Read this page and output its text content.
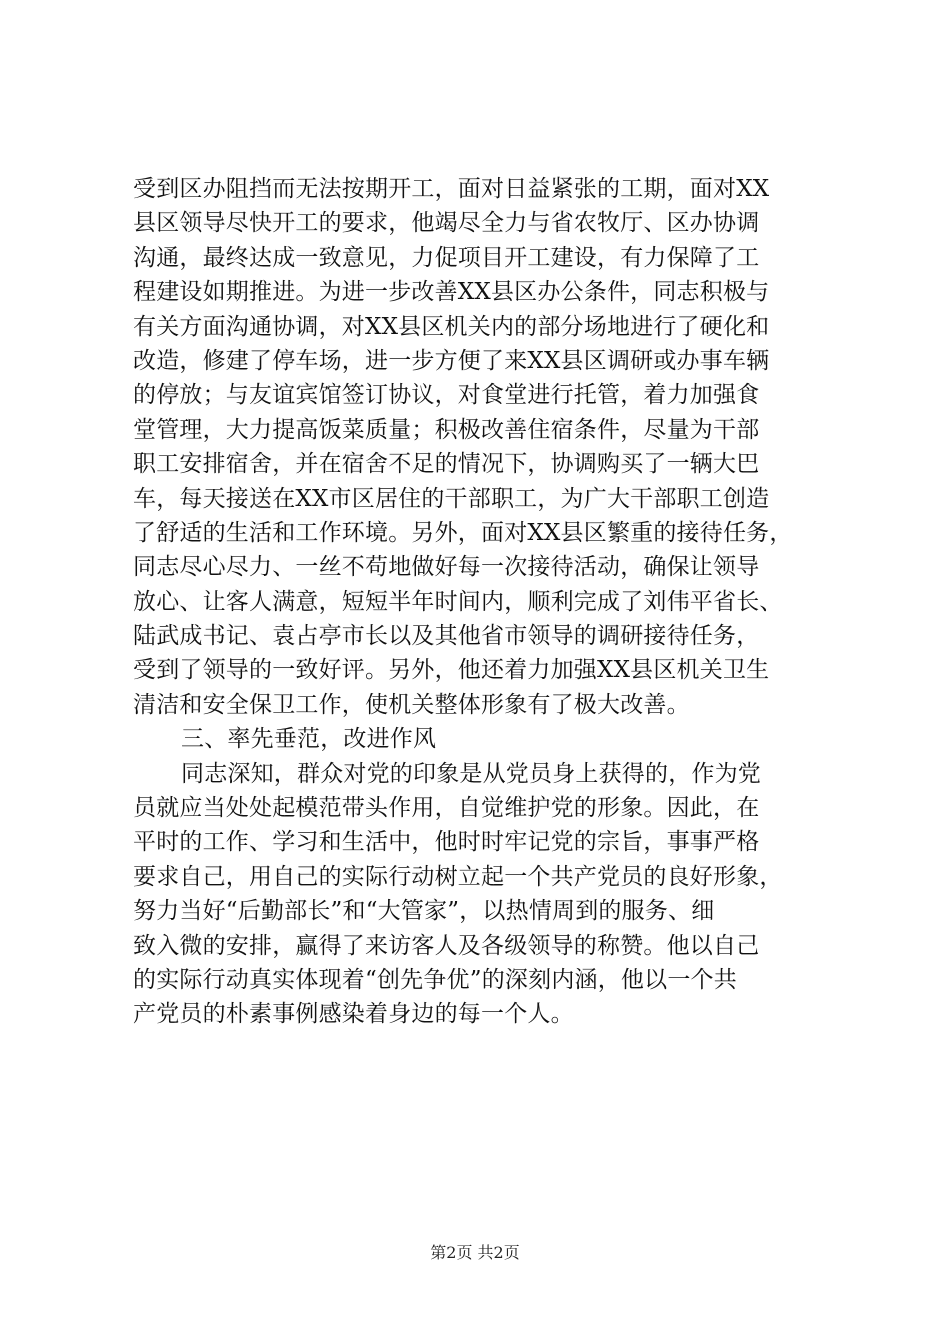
受到区办阻挡而无法按期开工，面对日益紧张的工期，面对XX
县区领导尽快开工的要求，他竭尽全力与省农牧厅、区办协调
沟通，最终达成一致意见，力促项目开工建设，有力保障了工
程建设如期推进。为进一步改善XX县区办公条件，同志积极与
有关方面沟通协调，对XX县区机关内的部分场地进行了硬化和
改造，修建了停车场，进一步方便了来XX县区调研或办事车辆
的停放；与友谊宾馆签订协议，对食堂进行托管，着力加强食
堂管理，大力提高饭菜质量；积极改善住宿条件，尽量为干部
职工安排宿舍，并在宿舍不足的情况下，协调购买了一辆大巴
车，每天接送在XX市区居住的干部职工，为广大干部职工创造
了舒适的生活和工作环境。另外，面对XX县区繁重的接待任务，
同志尽心尽力、一丝不苟地做好每一次接待活动，确保让领导
放心、让客人满意，短短半年时间内，顺利完成了刘伟平省长、
陆武成书记、袁占亭市长以及其他省市领导的调研接待任务，
受到了领导的一致好评。另外，他还着力加强XX县区机关卫生
清洁和安全保卫工作，使机关整体形象有了极大改善。
三、率先垂范，改进作风
同志深知，群众对党的印象是从党员身上获得的，作为党
员就应当处处起模范带头作用，自觉维护党的形象。因此，在
平时的工作、学习和生活中，他时时牢记党的宗旨，事事严格
要求自己，用自己的实际行动树立起一个共产党员的良好形象，
努力当好“后勤部长”和“大管家”，以热情周到的服务、细
致入微的安排，赢得了来访客人及各级领导的称赞。他以自己
的实际行动真实体现着“创先争优”的深刻内涵，他以一个共
产党员的朴素事例感染着身边的每一个人。
第2页 共2页
